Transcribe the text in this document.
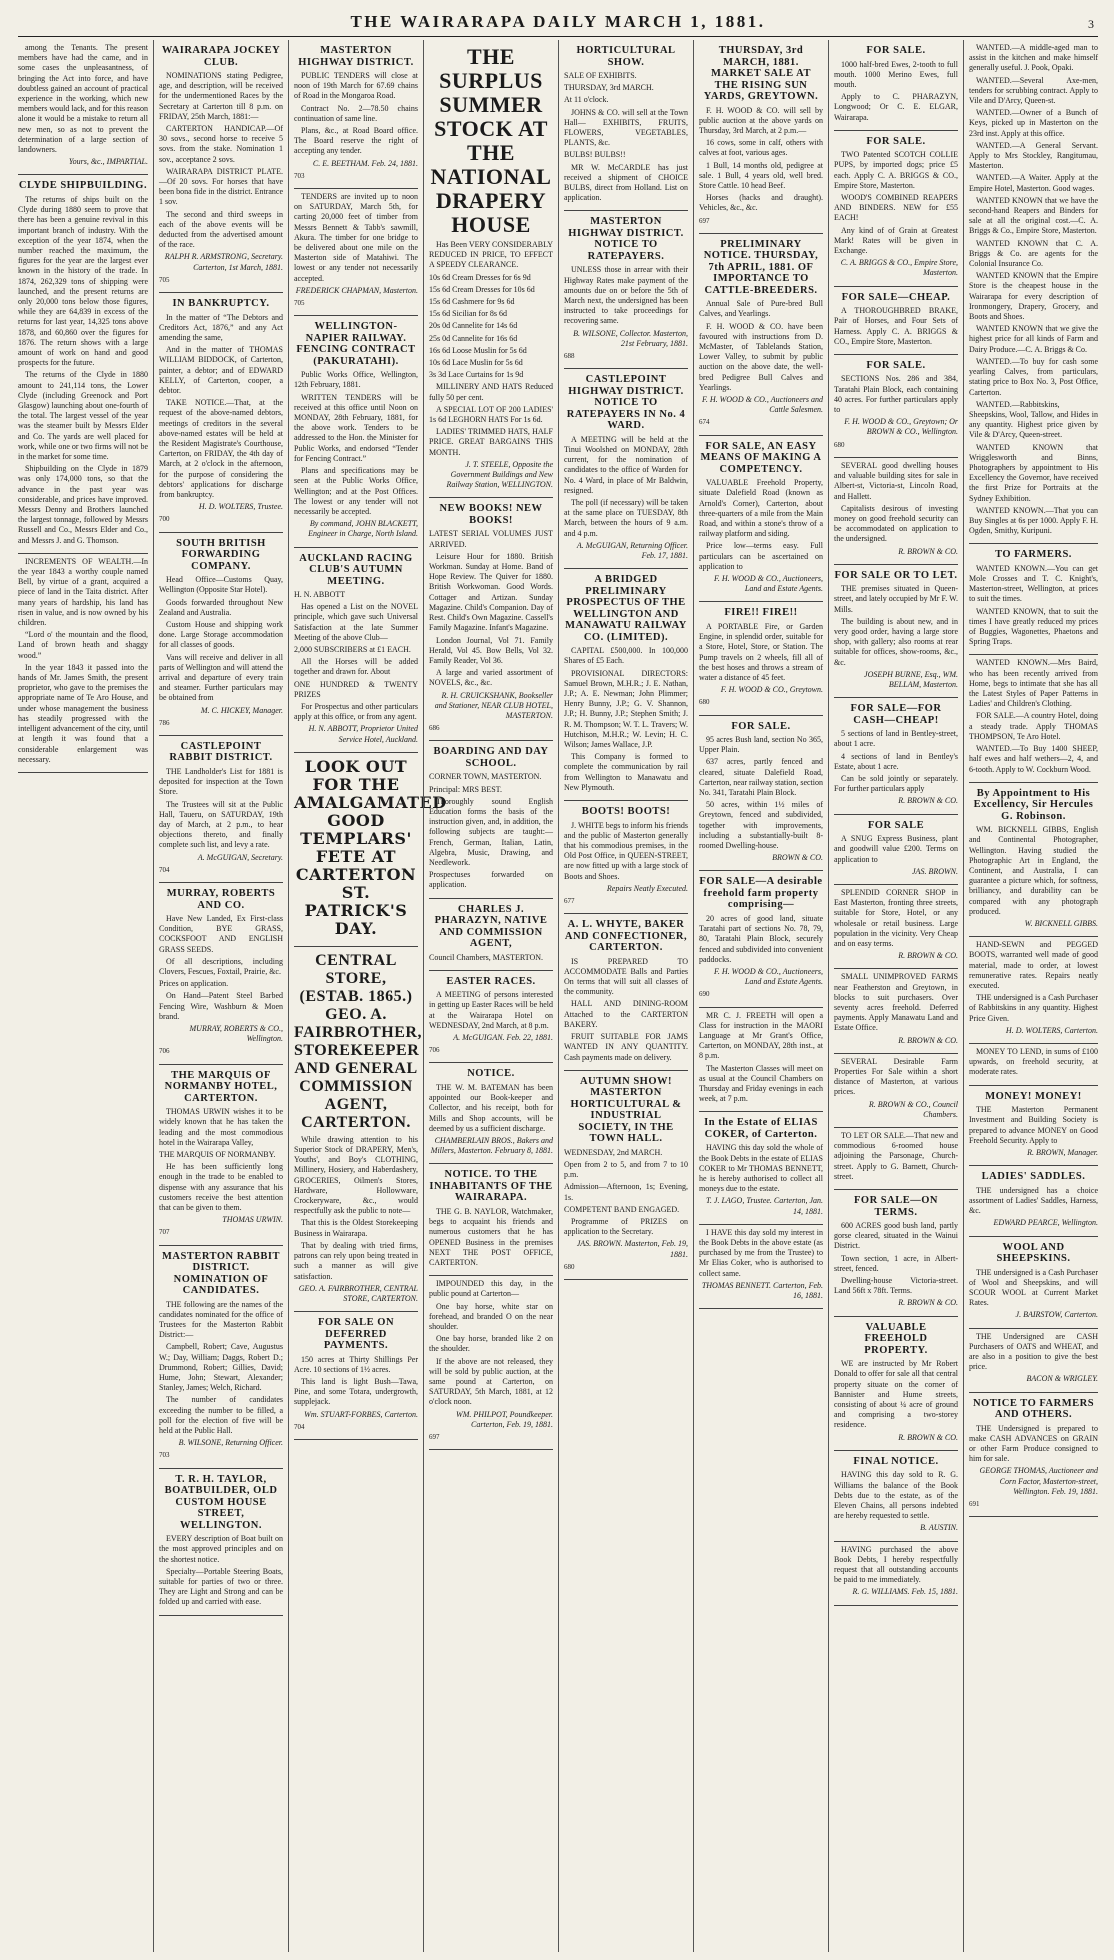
THE WAIRARAPA DAILY MARCH 1, 1881.	3

among the Tenants. The present members have had the came, and in some cases the unpleasantness, of bringing the Act into force, and have doubtless gained an account of practical experience in the working, which new members would lack, and for this reason alone it would be a mistake to return all new men, so as not to prevent the determination of a large section of landowners.

Yours, &c., IMPARTIAL.

CLYDE SHIPBUILDING.

The returns of ships built on the Clyde during 1880 seem to prove that there has been a genuine revival in this important branch of industry. With the exception of the year 1874, when the number reached the maximum, the figures for the year are the largest ever known in the history of the trade. In 1874, 262,329 tons of shipping were launched, and the present returns are only 20,000 tons below those figures, while they are 64,839 in excess of the returns for last year, 14,325 tons above 1878, and 60,860 over the figures for 1876. The return shows with a large amount of work on hand and good prospects for the future.

The returns of the Clyde in 1880 amount to 241,114 tons, the Lower Clyde (including Greenock and Port Glasgow) launching about one-fourth of the total. The largest vessel of the year was the steamer built by Messrs Elder and Co. The yards are well placed for work, while one or two firms will not be in the market for some time.

Shipbuilding on the Clyde in 1879 was only 174,000 tons, so that the advance in the past year was considerable, and prices have improved. Messrs Denny and Brothers launched the largest tonnage, followed by Messrs Russell and Co., Messrs Elder and Co., and Messrs J. and G. Thomson.

INCREMENTS OF WEALTH.—In the year 1843 a worthy couple named Bell, by virtue of a grant, acquired a piece of land in the Taita district. After many years of hardship, his land has risen in value, and is now owned by his children.

“Lord o' the mountain and the flood, Land of brown heath and shaggy wood.”

In the year 1843 it passed into the hands of Mr. James Smith, the present proprietor, who gave to the premises the appropriate name of Te Aro House, and under whose management the business has steadily progressed with the intelligent advancement of the city, until at length it was found that a considerable enlargement was necessary.

WAIRARAPA JOCKEY CLUB.

NOMINATIONS stating Pedigree, age, and description, will be received for the undermentioned Races by the Secretary at Carterton till 8 p.m. on FRIDAY, 25th March, 1881:—

CARTERTON HANDICAP.—Of 30 sovs., second horse to receive 5 sovs. from the stake. Nomination 1 sov., acceptance 2 sovs.

WAIRARAPA DISTRICT PLATE.—Of 20 sovs. For horses that have been bona fide in the district. Entrance 1 sov.

The second and third sweeps in each of the above events will be deducted from the advertised amount of the race.

RALPH R. ARMSTRONG, Secretary. Carterton, 1st March, 1881.

705

IN BANKRUPTCY.

In the matter of “The Debtors and Creditors Act, 1876,” and any Act amending the same,

And in the matter of THOMAS WILLIAM BIDDOCK, of Carterton, painter, a debtor; and of EDWARD KELLY, of Carterton, cooper, a debtor.

TAKE NOTICE.—That, at the request of the above-named debtors, meetings of creditors in the several above-named estates will be held at the Resident Magistrate's Courthouse, Carterton, on FRIDAY, the 4th day of March, at 2 o'clock in the afternoon, for the purpose of considering the debtors' applications for discharge from bankruptcy.

H. D. WOLTERS, Trustee.

700

SOUTH BRITISH FORWARDING COMPANY.

Head Office—Customs Quay, Wellington (Opposite Star Hotel).

Goods forwarded throughout New Zealand and Australia.

Custom House and shipping work done. Large Storage accommodation for all classes of goods.

Vans will receive and deliver in all parts of Wellington and will attend the arrival and departure of every train and steamer. Further particulars may be obtained from

M. C. HICKEY, Manager.

786

CASTLEPOINT RABBIT DISTRICT.

THE Landholder's List for 1881 is deposited for inspection at the Town Store.

The Trustees will sit at the Public Hall, Taueru, on SATURDAY, 19th day of March, at 2 p.m., to hear objections thereto, and finally complete such list, and levy a rate.

A. McGUIGAN, Secretary.

704

MURRAY, ROBERTS AND CO.

Have New Landed, Ex First-class Condition, BYE GRASS, COCKSFOOT AND ENGLISH GRASS SEEDS.

Of all descriptions, including Clovers, Fescues, Foxtail, Prairie, &c.

Prices on application.

On Hand—Patent Steel Barbed Fencing Wire, Washburn & Moen brand.

MURRAY, ROBERTS & CO., Wellington.

706

THE MARQUIS OF NORMANBY HOTEL, CARTERTON.

THOMAS URWIN wishes it to be widely known that he has taken the leading and the most commodious hotel in the Wairarapa Valley,

THE MARQUIS OF NORMANBY.

He has been sufficiently long enough in the trade to be enabled to dispense with any assurance that his customers receive the best attention that can be given to them.

THOMAS URWIN.

707

MASTERTON RABBIT DISTRICT. NOMINATION OF CANDIDATES.

THE following are the names of the candidates nominated for the office of Trustees for the Masterton Rabbit District:—

Campbell, Robert; Cave, Augustus W.; Day, William; Daggs, Robert D.; Drummond, Robert; Gillies, David; Hume, John; Stewart, Alexander; Stanley, James; Welch, Richard.

The number of candidates exceeding the number to be filled, a poll for the election of five will be held at the Public Hall.

B. WILSONE, Returning Officer.

703

T. R. H. TAYLOR, BOATBUILDER, OLD CUSTOM HOUSE STREET, WELLINGTON.

EVERY description of Boat built on the most approved principles and on the shortest notice.

Specialty—Portable Steering Boats, suitable for parties of two or three. They are Light and Strong and can be folded up and carried with ease.

MASTERTON HIGHWAY DISTRICT.

PUBLIC TENDERS will close at noon of 19th March for 67.69 chains of Road in the Mongaroa Road.

Contract No. 2—78.50 chains continuation of same line.

Plans, &c., at Road Board office. The Board reserve the right of accepting any tender.

C. E. BEETHAM. Feb. 24, 1881.

703

TENDERS are invited up to noon on SATURDAY, March 5th, for carting 20,000 feet of timber from Messrs Bennett & Tabb's sawmill, Akura. The timber for one bridge to be delivered about one mile on the Masterton side of Matahiwi. The lowest or any tender not necessarily accepted.

FREDERICK CHAPMAN, Masterton.

705

WELLINGTON-NAPIER RAILWAY. FENCING CONTRACT (PAKURATAHI).

Public Works Office, Wellington, 12th February, 1881.

WRITTEN TENDERS will be received at this office until Noon on MONDAY, 28th February, 1881, for the above work. Tenders to be addressed to the Hon. the Minister for Public Works, and endorsed “Tender for Fencing Contract.”

Plans and specifications may be seen at the Public Works Office, Wellington; and at the Post Offices. The lowest or any tender will not necessarily be accepted.

By command, JOHN BLACKETT, Engineer in Charge, North Island.

AUCKLAND RACING CLUB'S AUTUMN MEETING.

H. N. ABBOTT

Has opened a List on the NOVEL principle, which gave such Universal Satisfaction at the late Summer Meeting of the above Club—

2,000 SUBSCRIBERS at £1 EACH.

All the Horses will be added together and drawn for. About

ONE HUNDRED & TWENTY PRIZES

For Prospectus and other particulars apply at this office, or from any agent.

H. N. ABBOTT, Proprietor United Service Hotel, Auckland.

LOOK OUT FOR THE AMALGAMATED GOOD TEMPLARS' FETE AT CARTERTON ST. PATRICK'S DAY.
CENTRAL STORE, (ESTAB. 1865.) GEO. A. FAIRBROTHER, STOREKEEPER AND GENERAL COMMISSION AGENT, CARTERTON.

While drawing attention to his Superior Stock of DRAPERY, Men's, Youths', and Boy's CLOTHING, Millinery, Hosiery, and Haberdashery, GROCERIES, Oilmen's Stores, Hardware, Hollowware, Crockeryware, &c., would respectfully ask the public to note—

That this is the Oldest Storekeeping Business in Wairarapa.

That by dealing with tried firms, patrons can rely upon being treated in such a manner as will give satisfaction.

GEO. A. FAIRBROTHER, CENTRAL STORE, CARTERTON.

FOR SALE ON DEFERRED PAYMENTS.

150 acres at Thirty Shillings Per Acre. 10 sections of 1½ acres.

This land is light Bush—Tawa, Pine, and some Totara, undergrowth, supplejack.

Wm. STUART-FORBES, Carterton.

704

THE SURPLUS SUMMER STOCK AT THE NATIONAL DRAPERY HOUSE

Has Been VERY CONSIDERABLY REDUCED IN PRICE, TO EFFECT A SPEEDY CLEARANCE.

10s 6d Cream Dresses for 6s 9d

15s 6d Cream Dresses for 10s 6d

15s 6d Cashmere for 9s 6d

15s 6d Sicilian for 8s 6d

20s 0d Cannelite for 14s 6d

25s 0d Cannelite for 16s 6d

16s 6d Loose Muslin for 5s 6d

10s 6d Lace Muslin for 5s 6d

3s 3d Lace Curtains for 1s 9d

MILLINERY AND HATS Reduced fully 50 per cent.

A SPECIAL LOT OF 200 LADIES' 1s 6d LEGHORN HATS For 1s 6d.

LADIES' TRIMMED HATS, HALF PRICE. GREAT BARGAINS THIS MONTH.

J. T. STEELE, Opposite the Government Buildings and New Railway Station, WELLINGTON.

NEW BOOKS! NEW BOOKS!

LATEST SERIAL VOLUMES JUST ARRIVED.

Leisure Hour for 1880. British Workman. Sunday at Home. Band of Hope Review. The Quiver for 1880. British Workwoman. Good Words. Cottager and Artizan. Sunday Magazine. Child's Companion. Day of Rest. Child's Own Magazine. Cassell's Family Magazine. Infant's Magazine.

London Journal, Vol 71. Family Herald, Vol 45. Bow Bells, Vol 32. Family Reader, Vol 36.

A large and varied assortment of NOVELS, &c., &c.

R. H. CRUICKSHANK, Bookseller and Stationer, NEAR CLUB HOTEL, MASTERTON.

686

BOARDING AND DAY SCHOOL.

CORNER TOWN, MASTERTON.

Principal: MRS BEST.

Thoroughly sound English Education forms the basis of the instruction given, and, in addition, the following subjects are taught:— French, German, Italian, Latin, Algebra, Music, Drawing, and Needlework.

Prospectuses forwarded on application.

CHARLES J. PHARAZYN, NATIVE AND COMMISSION AGENT,

Council Chambers, MASTERTON.

EASTER RACES.

A MEETING of persons interested in getting up Easter Races will be held at the Wairarapa Hotel on WEDNESDAY, 2nd March, at 8 p.m.

A. McGUIGAN. Feb. 22, 1881.

706

NOTICE.

THE W. M. BATEMAN has been appointed our Book-keeper and Collector, and his receipt, both for Mills and Shop accounts, will be deemed by us a sufficient discharge.

CHAMBERLAIN BROS., Bakers and Millers, Masterton. February 8, 1881.

NOTICE. TO THE INHABITANTS OF THE WAIRARAPA.

THE G. B. NAYLOR, Watchmaker, begs to acquaint his friends and numerous customers that he has OPENED Business in the premises NEXT THE POST OFFICE, CARTERTON.

IMPOUNDED this day, in the public pound at Carterton—

One bay horse, white star on forehead, and branded O on the near shoulder.

One bay horse, branded like 2 on the shoulder.

If the above are not released, they will be sold by public auction, at the same pound at Carterton, on SATURDAY, 5th March, 1881, at 12 o'clock noon.

WM. PHILPOT, Poundkeeper. Carterton, Feb. 19, 1881.

697

HORTICULTURAL SHOW.

SALE OF EXHIBITS.

THURSDAY, 3rd MARCH.

At 11 o'clock.

JOHNS & CO. will sell at the Town Hall— EXHIBITS, FRUITS, FLOWERS, VEGETABLES, PLANTS, &c.

BULBS! BULBS!!

MR W. McCARDLE has just received a shipment of CHOICE BULBS, direct from Holland. List on application.

MASTERTON HIGHWAY DISTRICT. NOTICE TO RATEPAYERS.

UNLESS those in arrear with their Highway Rates make payment of the amounts due on or before the 5th of March next, the undersigned has been instructed to take proceedings for recovering same.

B. WILSONE, Collector. Masterton, 21st February, 1881.

688

CASTLEPOINT HIGHWAY DISTRICT. NOTICE TO RATEPAYERS IN No. 4 WARD.

A MEETING will be held at the Tinui Woolshed on MONDAY, 28th current, for the nomination of candidates to the office of Warden for No. 4 Ward, in place of Mr Baldwin, resigned.

The poll (if necessary) will be taken at the same place on TUESDAY, 8th March, between the hours of 9 a.m. and 4 p.m.

A. McGUIGAN, Returning Officer. Feb. 17, 1881.

A BRIDGED PRELIMINARY PROSPECTUS OF THE WELLINGTON AND MANAWATU RAILWAY CO. (LIMITED).

CAPITAL £500,000. In 100,000 Shares of £5 Each.

PROVISIONAL DIRECTORS: Samuel Brown, M.H.R.; J. E. Nathan, J.P.; A. E. Newman; John Plimmer; Henry Bunny, J.P.; G. V. Shannon, J.P.; H. Bunny, J.P.; Stephen Smith; J. R. M. Thompson; W. T. L. Travers; W. Hutchison, M.H.R.; W. Levin; H. C. Wilson; James Wallace, J.P.

This Company is formed to complete the communication by rail from Wellington to Manawatu and New Plymouth.

BOOTS! BOOTS!

J. WHITE begs to inform his friends and the public of Masterton generally that his commodious premises, in the Old Post Office, in QUEEN-STREET, are now fitted up with a large stock of Boots and Shoes.

Repairs Neatly Executed.

677

A. L. WHYTE, BAKER AND CONFECTIONER, CARTERTON.

IS PREPARED TO ACCOMMODATE Balls and Parties On terms that will suit all classes of the community.

HALL AND DINING-ROOM Attached to the CARTERTON BAKERY.

FRUIT SUITABLE FOR JAMS WANTED IN ANY QUANTITY. Cash payments made on delivery.

AUTUMN SHOW! MASTERTON HORTICULTURAL & INDUSTRIAL SOCIETY, IN THE TOWN HALL.

WEDNESDAY, 2nd MARCH.

Open from 2 to 5, and from 7 to 10 p.m.

Admission—Afternoon, 1s; Evening, 1s.

COMPETENT BAND ENGAGED.

Programme of PRIZES on application to the Secretary.

JAS. BROWN. Masterton, Feb. 19, 1881.

680

THURSDAY, 3rd MARCH, 1881. MARKET SALE AT THE RISING SUN YARDS, GREYTOWN.

F. H. WOOD & CO. will sell by public auction at the above yards on Thursday, 3rd March, at 2 p.m.—

16 cows, some in calf, others with calves at foot, various ages.

1 Bull, 14 months old, pedigree at sale. 1 Bull, 4 years old, well bred. Store Cattle. 10 head Beef.

Horses (hacks and draught). Vehicles, &c., &c.

697

PRELIMINARY NOTICE. THURSDAY, 7th APRIL, 1881. OF IMPORTANCE TO CATTLE-BREEDERS.

Annual Sale of Pure-bred Bull Calves, and Yearlings.

F. H. WOOD & CO. have been favoured with instructions from D. McMaster, of Tablelands Station, Lower Valley, to submit by public auction on the above date, the well-bred Pedigree Bull Calves and Yearlings.

F. H. WOOD & CO., Auctioneers and Cattle Salesmen.

674

FOR SALE, AN EASY MEANS OF MAKING A COMPETENCY.

VALUABLE Freehold Property, situate Dalefield Road (known as Arnold's Corner), Carterton, about three-quarters of a mile from the Main Road, and within a stone's throw of a railway platform and siding.

Price low—terms easy. Full particulars can be ascertained on application to

F. H. WOOD & CO., Auctioneers, Land and Estate Agents.

FIRE!! FIRE!!

A PORTABLE Fire, or Garden Engine, in splendid order, suitable for a Store, Hotel, Store, or Station. The Pump travels on 2 wheels, fill all of the best hoses and throws a stream of water a distance of 45 feet.

F. H. WOOD & CO., Greytown.

680

FOR SALE.

95 acres Bush land, section No 365, Upper Plain.

637 acres, partly fenced and cleared, situate Dalefield Road, Carterton, near railway station, section No. 341, Taratahi Plain Block.

50 acres, within 1½ miles of Greytown, fenced and subdivided, together with improvements, including a substantially-built 8-roomed Dwelling-house.

BROWN & CO.

FOR SALE—A desirable freehold farm property comprising—

20 acres of good land, situate Taratahi part of sections No. 78, 79, 80, Taratahi Plain Block, securely fenced and subdivided into convenient paddocks.

F. H. WOOD & CO., Auctioneers, Land and Estate Agents.

690

MR C. J. FREETH will open a Class for instruction in the MAORI Language at Mr Grant's Office, Carterton, on MONDAY, 28th inst., at 8 p.m.

The Masterton Classes will meet on as usual at the Council Chambers on Thursday and Friday evenings in each week, at 7 p.m.

In the Estate of ELIAS COKER, of Carterton.

HAVING this day sold the whole of the Book Debts in the estate of ELIAS COKER to Mr THOMAS BENNETT, he is hereby authorised to collect all moneys due to the estate.

T. J. LAGO, Trustee. Carterton, Jan. 14, 1881.

I HAVE this day sold my interest in the Book Debts in the above estate (as purchased by me from the Trustee) to Mr Elias Coker, who is authorised to collect same.

THOMAS BENNETT. Carterton, Feb. 16, 1881.

FOR SALE.

1000 half-bred Ewes, 2-tooth to full mouth. 1000 Merino Ewes, full mouth.

Apply to C. PHARAZYN, Longwood; Or C. E. ELGAR, Wairarapa.

FOR SALE.

TWO Patented SCOTCH COLLIE PUPS, by imported dogs; price £5 each. Apply C. A. BRIGGS & CO., Empire Store, Masterton.

WOOD'S COMBINED REAPERS AND BINDERS. NEW for £55 EACH!

Any kind of of Grain at Greatest Mark! Rates will be given in Exchange.

C. A. BRIGGS & CO., Empire Store, Masterton.

FOR SALE—CHEAP.

A THOROUGHBRED BRAKE, Pair of Horses, and Four Sets of Harness. Apply C. A. BRIGGS & CO., Empire Store, Masterton.

FOR SALE.

SECTIONS Nos. 286 and 384, Taratahi Plain Block, each containing 40 acres. For further particulars apply to

F. H. WOOD & CO., Greytown; Or BROWN & CO., Wellington.

680

SEVERAL good dwelling houses and valuable building sites for sale in Albert-st, Victoria-st, Lincoln Road, and Hallett.

Capitalists desirous of investing money on good freehold security can be accommodated on application to the undersigned.

R. BROWN & CO.

FOR SALE OR TO LET.

THE premises situated in Queen-street, and lately occupied by Mr F. W. Mills.

The building is about new, and in very good order, having a large store shop, with gallery; also rooms at rear suitable for offices, show-rooms, &c., &c.

JOSEPH BURNE, Esq., WM. BELLAM, Masterton.

FOR SALE—FOR CASH—CHEAP!

5 sections of land in Bentley-street, about 1 acre.

4 sections of land in Bentley's Estate, about 1 acre.

Can be sold jointly or separately. For further particulars apply

R. BROWN & CO.

FOR SALE

A SNUG Express Business, plant and goodwill value £200. Terms on application to

JAS. BROWN.

SPLENDID CORNER SHOP in East Masterton, fronting three streets, suitable for Store, Hotel, or any wholesale or retail business. Large population in the vicinity. Very Cheap and on easy terms.

R. BROWN & CO.

SMALL UNIMPROVED FARMS near Featherston and Greytown, in blocks to suit purchasers. Over seventy acres freehold. Deferred payments. Apply Manawatu Land and Estate Office.

R. BROWN & CO.

SEVERAL Desirable Farm Properties For Sale within a short distance of Masterton, at various prices.

R. BROWN & CO., Council Chambers.

TO LET OR SALE.—That new and commodious 6-roomed house adjoining the Parsonage, Church-street. Apply to G. Barnett, Church-street.

FOR SALE—ON TERMS.

600 ACRES good bush land, partly gorse cleared, situated in the Wainui District.

Town section, 1 acre, in Albert-street, fenced.

Dwelling-house Victoria-street. Land 56ft x 78ft. Terms.

R. BROWN & CO.

VALUABLE FREEHOLD PROPERTY.

WE are instructed by Mr Robert Donald to offer for sale all that central property situate on the corner of Bannister and Hume streets, consisting of about ¼ acre of ground and comprising a two-storey residence.

R. BROWN & CO.

FINAL NOTICE.

HAVING this day sold to R. G. Williams the balance of the Book Debts due to the estate, as of the Eleven Chains, all persons indebted are hereby requested to settle.

B. AUSTIN.

HAVING purchased the above Book Debts, I hereby respectfully request that all outstanding accounts be paid to me immediately.

R. G. WILLIAMS. Feb. 15, 1881.

WANTED.—A middle-aged man to assist in the kitchen and make himself generally useful. J. Pook, Opaki.

WANTED.—Several Axe-men, tenders for scrubbing contract. Apply to Vile and D'Arcy, Queen-st.

WANTED.—Owner of a Bunch of Keys, picked up in Masterton on the 23rd inst. Apply at this office.

WANTED.—A General Servant. Apply to Mrs Stockley, Rangitumau, Masterton.

WANTED.—A Waiter. Apply at the Empire Hotel, Masterton. Good wages.

WANTED KNOWN that we have the second-hand Reapers and Binders for sale at all the original cost.—C. A. Briggs & Co., Empire Store, Masterton.

WANTED KNOWN that C. A. Briggs & Co. are agents for the Colonial Insurance Co.

WANTED KNOWN that the Empire Store is the cheapest house in the Wairarapa for every description of Ironmongery, Drapery, Grocery, and Boots and Shoes.

WANTED KNOWN that we give the highest price for all kinds of Farm and Dairy Produce.—C. A. Briggs & Co.

WANTED.—To buy for cash some yearling Calves, from particulars, stating price to Box No. 3, Post Office, Carterton.

WANTED.—Rabbitskins, Sheepskins, Wool, Tallow, and Hides in any quantity. Highest price given by Vile & D'Arcy, Queen-street.

WANTED KNOWN that Wrigglesworth and Binns, Photographers by appointment to His Excellency the Governor, have received the first Prize for Portraits at the Sydney Exhibition.

WANTED KNOWN.—That you can Buy Singles at 6s per 1000. Apply F. H. Ogden, Smithy, Kuripuni.

TO FARMERS.

WANTED KNOWN.—You can get Mole Crosses and T. C. Knight's, Masterton-street, Wellington, at prices to suit the times.

WANTED KNOWN, that to suit the times I have greatly reduced my prices of Buggies, Wagonettes, Phaetons and Spring Traps.

WANTED KNOWN.—Mrs Baird, who has been recently arrived from Home, begs to intimate that she has all the Latest Styles of Paper Patterns in Ladies' and Children's Clothing.

FOR SALE.—A country Hotel, doing a steady trade. Apply THOMAS THOMPSON, Te Aro Hotel.

WANTED.—To Buy 1400 SHEEP, half ewes and half wethers—2, 4, and 6-tooth. Apply to W. Cockburn Wood.

By Appointment to His Excellency, Sir Hercules G. Robinson.

WM. BICKNELL GIBBS, English and Continental Photographer, Wellington. Having studied the Photographic Art in England, the Continent, and Australia, I can guarantee a picture which, for softness, brilliancy, and durability can be compared with any photograph produced.

W. BICKNELL GIBBS.

HAND-SEWN and PEGGED BOOTS, warranted well made of good material, made to order, at lowest remunerative rates. Repairs neatly executed.

THE undersigned is a Cash Purchaser of Rabbitskins in any quantity. Highest Price Given.

H. D. WOLTERS, Carterton.

MONEY TO LEND, in sums of £100 upwards, on freehold security, at moderate rates.

MONEY! MONEY!

THE Masterton Permanent Investment and Building Society is prepared to advance MONEY on Good Freehold Security. Apply to

R. BROWN, Manager.

LADIES' SADDLES.

THE undersigned has a choice assortment of Ladies' Saddles, Harness, &c.

EDWARD PEARCE, Wellington.

WOOL AND SHEEPSKINS.

THE undersigned is a Cash Purchaser of Wool and Sheepskins, and will SCOUR WOOL at Current Market Rates.

J. BAIRSTOW, Carterton.

THE Undersigned are CASH Purchasers of OATS and WHEAT, and are also in a position to give the best price.

BACON & WRIGLEY.

NOTICE TO FARMERS AND OTHERS.

THE Undersigned is prepared to make CASH ADVANCES on GRAIN or other Farm Produce consigned to him for sale.

GEORGE THOMAS, Auctioneer and Corn Factor, Masterton-street, Wellington. Feb. 19, 1881.

691
